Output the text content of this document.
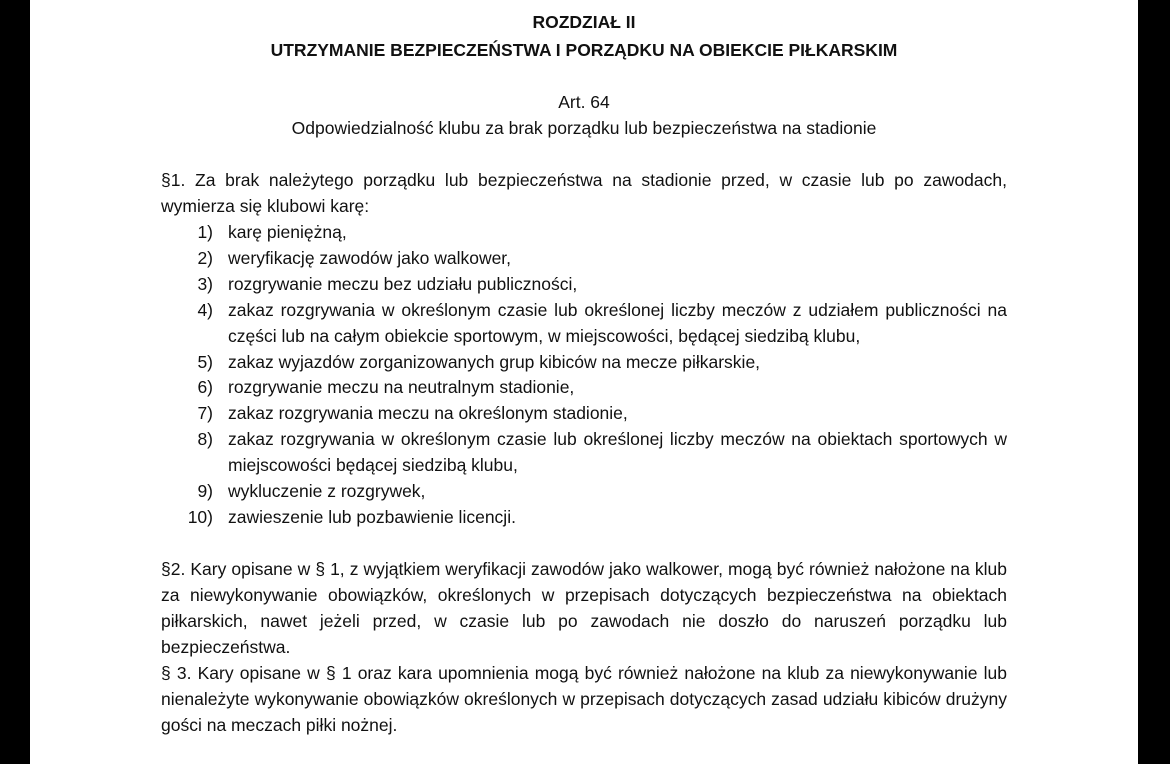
ROZDZIAŁ II
UTRZYMANIE BEZPIECZEŃSTWA I PORZĄDKU NA OBIEKCIE PIŁKARSKIM
Art. 64
Odpowiedzialność klubu za brak porządku lub bezpieczeństwa na stadionie
§1. Za brak należytego porządku lub bezpieczeństwa na stadionie przed, w czasie lub po zawodach, wymierza się klubowi karę:
1) karę pieniężną,
2) weryfikację zawodów jako walkower,
3) rozgrywanie meczu bez udziału publiczności,
4) zakaz rozgrywania w określonym czasie lub określonej liczby meczów z udziałem publiczności na części lub na całym obiekcie sportowym, w miejscowości, będącej siedzibą klubu,
5) zakaz wyjazdów zorganizowanych grup kibiców na mecze piłkarskie,
6) rozgrywanie meczu na neutralnym stadionie,
7) zakaz rozgrywania meczu na określonym stadionie,
8) zakaz rozgrywania w określonym czasie lub określonej liczby meczów na obiektach sportowych w miejscowości będącej siedzibą klubu,
9) wykluczenie z rozgrywek,
10) zawieszenie lub pozbawienie licencji.
§2. Kary opisane w § 1, z wyjątkiem weryfikacji zawodów jako walkower, mogą być również nałożone na klub za niewykonywanie obowiązków, określonych w przepisach dotyczących bezpieczeństwa na obiektach piłkarskich, nawet jeżeli przed, w czasie lub po zawodach nie doszło do naruszeń porządku lub bezpieczeństwa.
§ 3. Kary opisane w § 1 oraz kara upomnienia mogą być również nałożone na klub za niewykonywanie lub nienależyte wykonywanie obowiązków określonych w przepisach dotyczących zasad udziału kibiców drużyny gości na meczach piłki nożnej.
